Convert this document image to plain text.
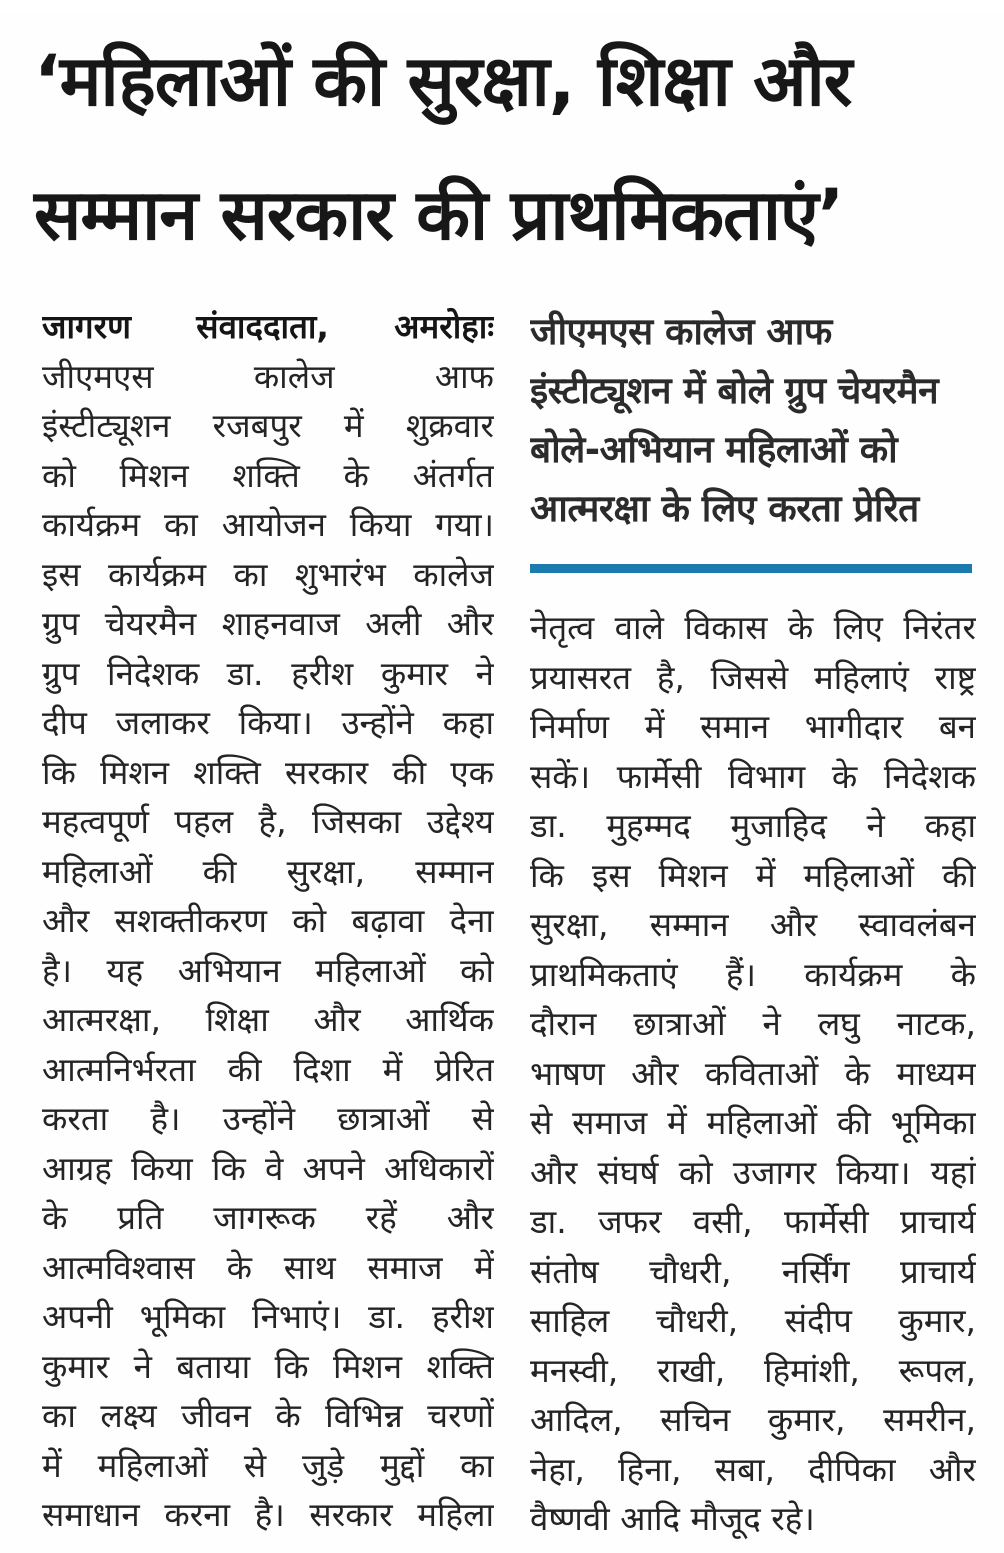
‘महिलाओं की सुरक्षा, शिक्षा और
सम्मान सरकार की प्राथमिकताएं’
जागरण संवाददाता, अमरोहाः
जीएमएस कालेज आफ
इंस्टीट्यूशन रजबपुर में शुक्रवार
को मिशन शक्ति के अंतर्गत
कार्यक्रम का आयोजन किया गया।
इस कार्यक्रम का शुभारंभ कालेज
ग्रुप चेयरमैन शाहनवाज अली और
ग्रुप निदेशक डा. हरीश कुमार ने
दीप जलाकर किया। उन्होंने कहा
कि मिशन शक्ति सरकार की एक
महत्वपूर्ण पहल है, जिसका उद्देश्य
महिलाओं की सुरक्षा, सम्मान
और सशक्तीकरण को बढ़ावा देना
है। यह अभियान महिलाओं को
आत्मरक्षा, शिक्षा और आर्थिक
आत्मनिर्भरता की दिशा में प्रेरित
करता है। उन्होंने छात्राओं से
आग्रह किया कि वे अपने अधिकारों
के प्रति जागरूक रहें और
आत्मविश्वास के साथ समाज में
अपनी भूमिका निभाएं। डा. हरीश
कुमार ने बताया कि मिशन शक्ति
का लक्ष्य जीवन के विभिन्न चरणों
में महिलाओं से जुड़े मुद्दों का
समाधान करना है। सरकार महिला
जीएमएस कालेज आफ
इंस्टीट्यूशन में बोले ग्रुप चेयरमैन
बोले-अभियान महिलाओं को
आत्मरक्षा के लिए करता प्रेरित
नेतृत्व वाले विकास के लिए निरंतर
प्रयासरत है, जिससे महिलाएं राष्ट्र
निर्माण में समान भागीदार बन
सकें। फार्मेसी विभाग के निदेशक
डा. मुहम्मद मुजाहिद ने कहा
कि इस मिशन में महिलाओं की
सुरक्षा, सम्मान और स्वावलंबन
प्राथमिकताएं हैं। कार्यक्रम के
दौरान छात्राओं ने लघु नाटक,
भाषण और कविताओं के माध्यम
से समाज में महिलाओं की भूमिका
और संघर्ष को उजागर किया। यहां
डा. जफर वसी, फार्मेसी प्राचार्य
संतोष चौधरी, नर्सिंग प्राचार्य
साहिल चौधरी, संदीप कुमार,
मनस्वी, राखी, हिमांशी, रूपल,
आदिल, सचिन कुमार, समरीन,
नेहा, हिना, सबा, दीपिका और
वैष्णवी आदि मौजूद रहे।
